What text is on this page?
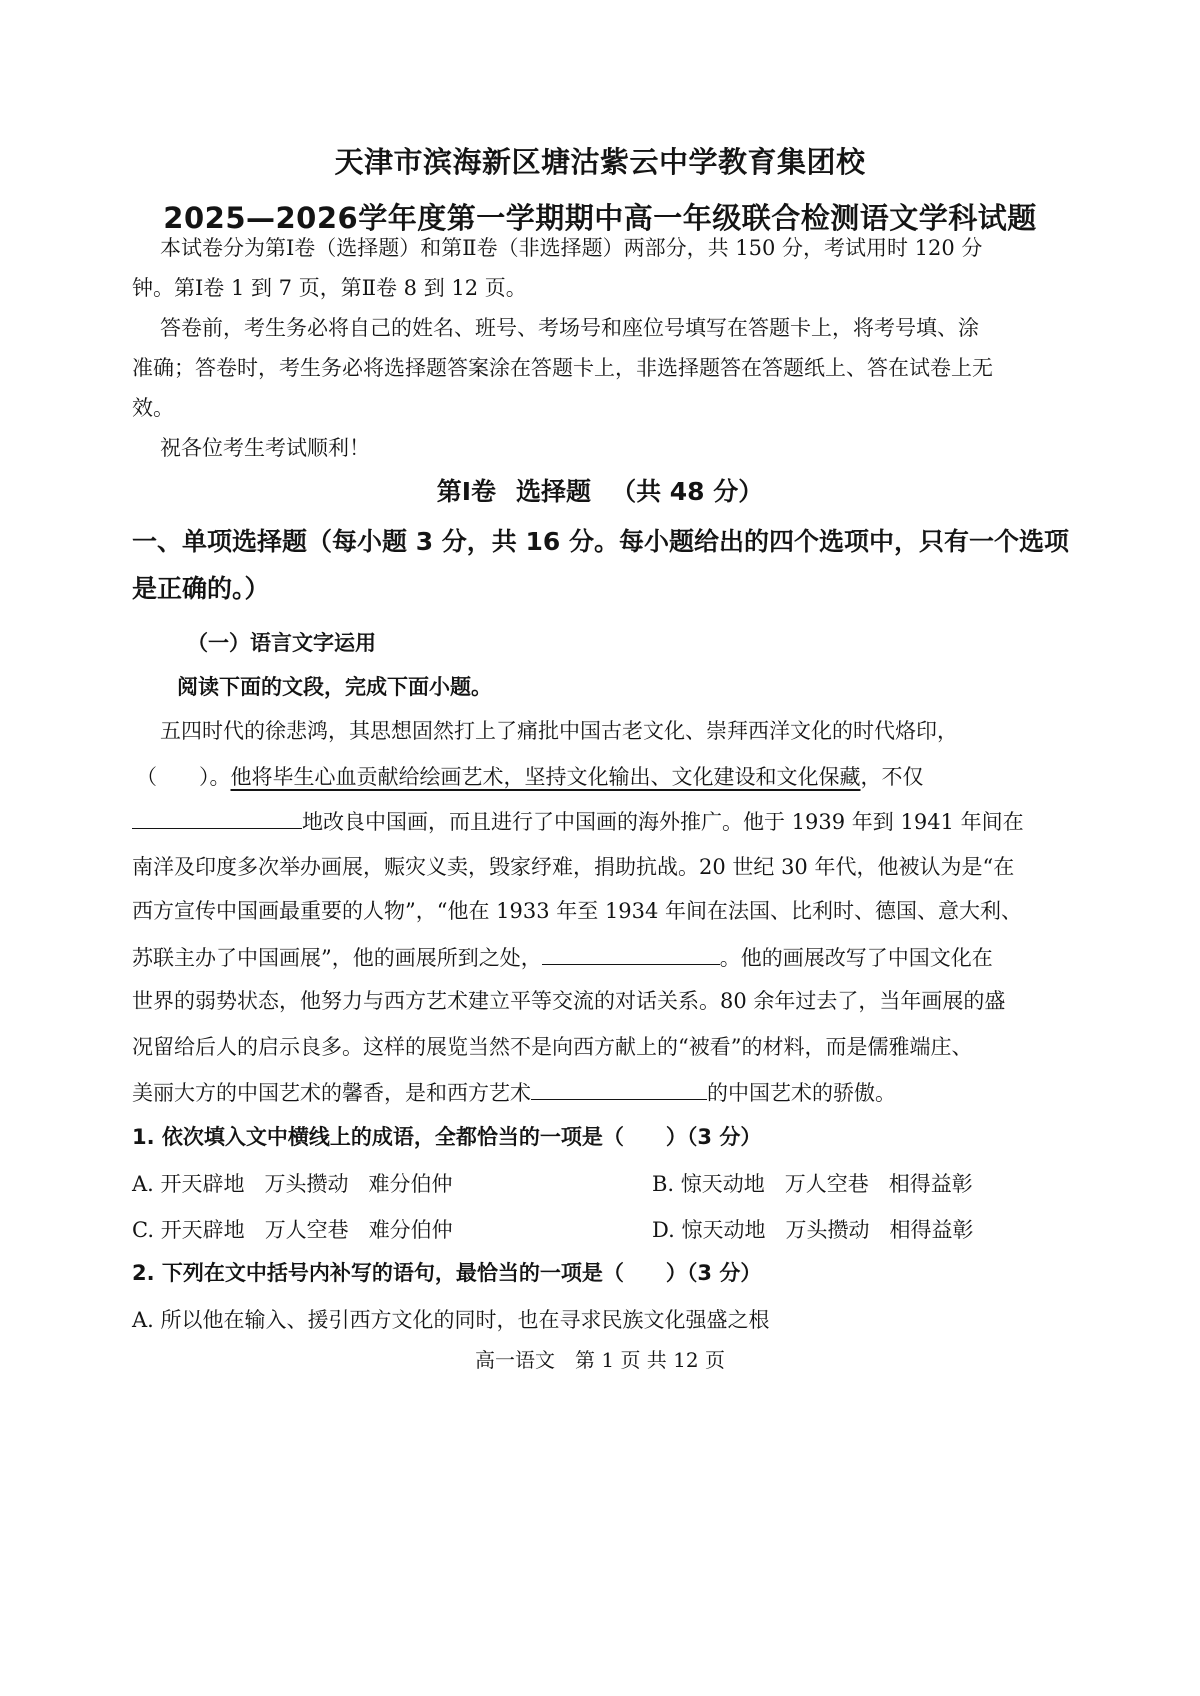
天津市滨海新区塘沽紫云中学教育集团校
2025—2026学年度第一学期期中高一年级联合检测语文学科试题
本试卷分为第Ⅰ卷（选择题）和第Ⅱ卷（非选择题）两部分，共 150 分，考试用时 120 分
钟。第Ⅰ卷 1 到 7 页，第Ⅱ卷 8 到 12 页。
答卷前，考生务必将自己的姓名、班号、考场号和座位号填写在答题卡上，将考号填、涂
准确；答卷时，考生务必将选择题答案涂在答题卡上，非选择题答在答题纸上、答在试卷上无
效。
祝各位考生考试顺利！
第Ⅰ卷 选择题 （共 48 分）
一、单项选择题（每小题 3 分，共 16 分。每小题给出的四个选项中，只有一个选项是正确的。）
（一）语言文字运用
阅读下面的文段，完成下面小题。
五四时代的徐悲鸿，其思想固然打上了痛批中国古老文化、崇拜西洋文化的时代烙印，
（　　）。他将毕生心血贡献给绘画艺术，坚持文化输出、文化建设和文化保藏，不仅
地改良中国画，而且进行了中国画的海外推广。他于 1939 年到 1941 年间在
南洋及印度多次举办画展，赈灾义卖，毁家纾难，捐助抗战。20 世纪 30 年代，他被认为是“在
西方宣传中国画最重要的人物”，“他在 1933 年至 1934 年间在法国、比利时、德国、意大利、
苏联主办了中国画展”，他的画展所到之处，	。他的画展改写了中国文化在
世界的弱势状态，他努力与西方艺术建立平等交流的对话关系。80 余年过去了，当年画展的盛
况留给后人的启示良多。这样的展览当然不是向西方献上的“被看”的材料，而是儒雅端庄、
美丽大方的中国艺术的馨香，是和西方艺术	的中国艺术的骄傲。
1. 依次填入文中横线上的成语，全都恰当的一项是（　　）（3 分）
A. 开天辟地 万头攒动 难分伯仲	B. 惊天动地 万人空巷 相得益彰
C. 开天辟地 万人空巷 难分伯仲	D. 惊天动地 万头攒动 相得益彰
2. 下列在文中括号内补写的语句，最恰当的一项是（　　）（3 分）
A. 所以他在输入、援引西方文化的同时，也在寻求民族文化强盛之根
高一语文 第 1 页 共 12 页
